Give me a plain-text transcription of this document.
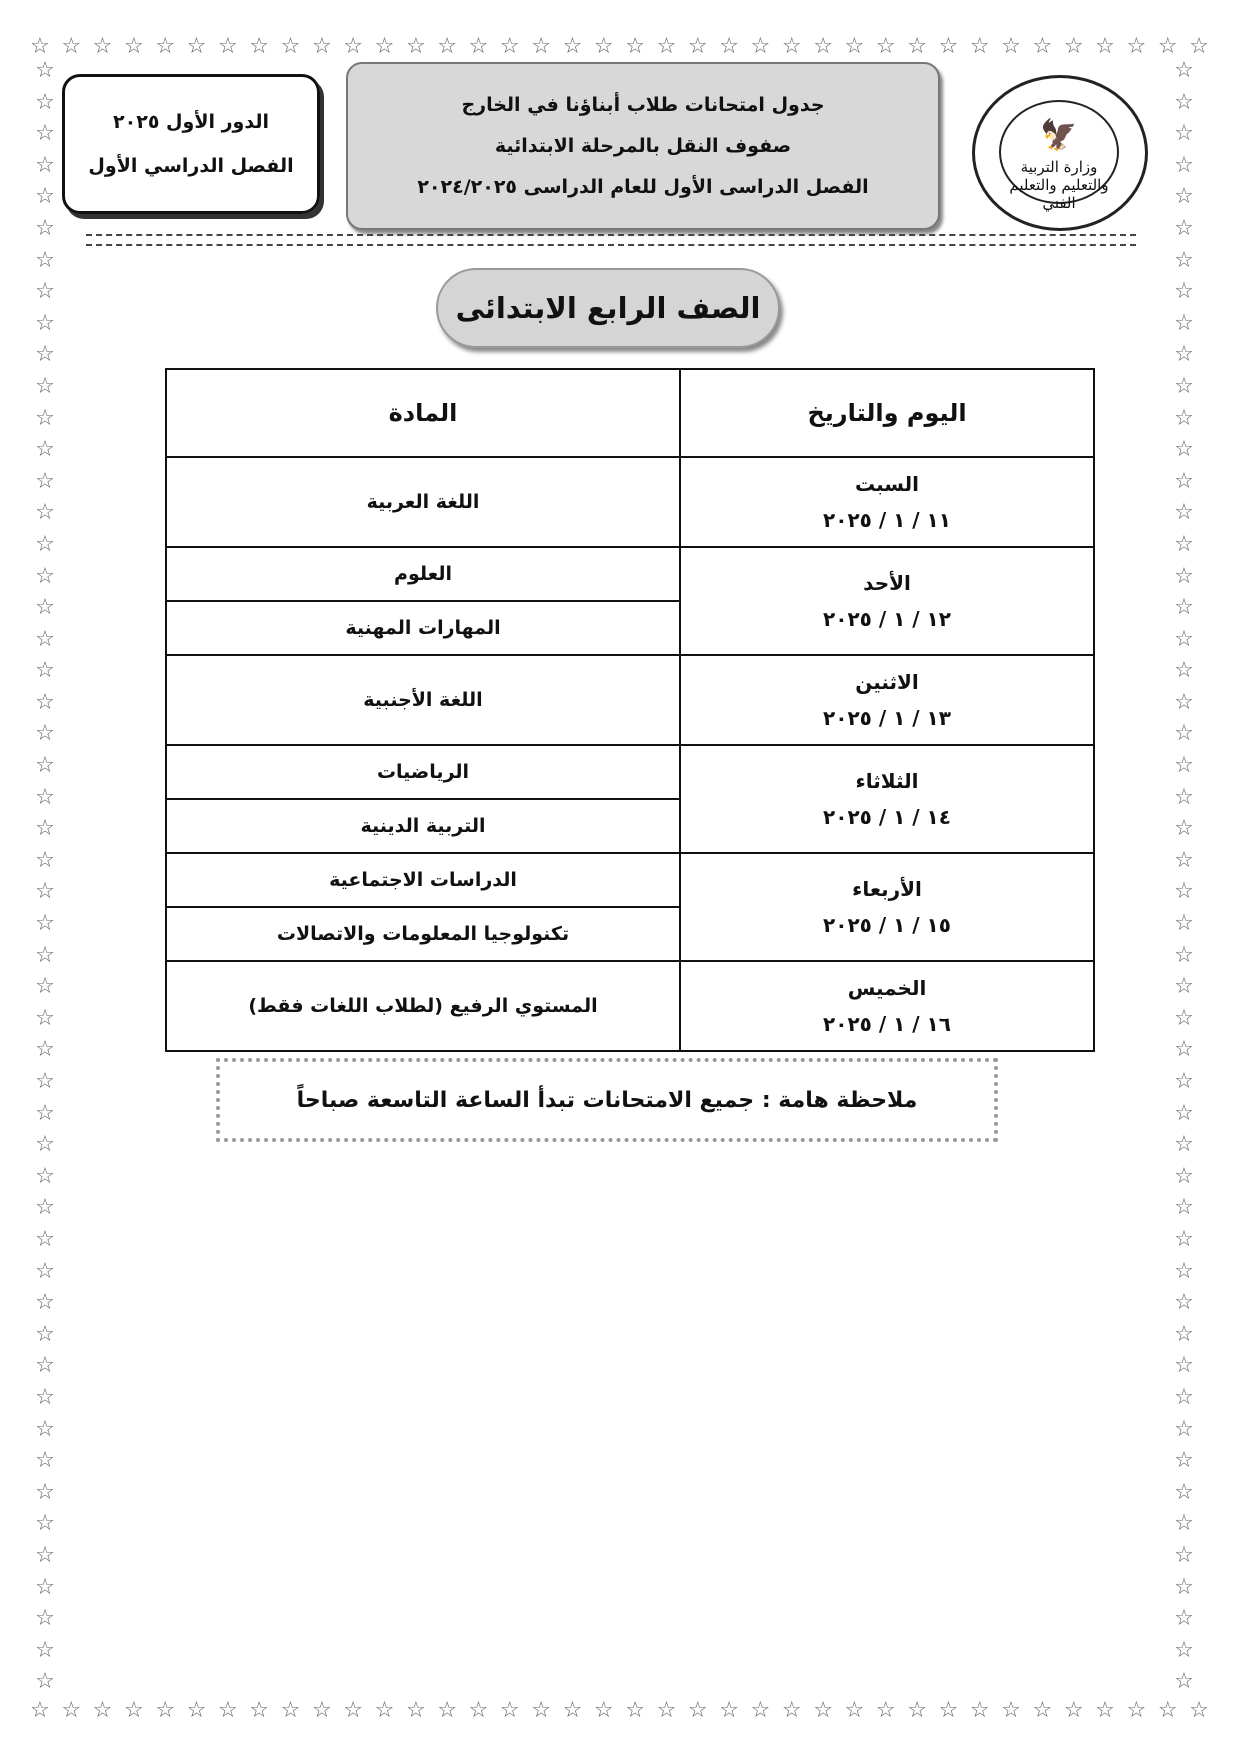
☆ ☆ ☆ ☆ ☆ ☆ ☆ ☆ ☆ ☆ ☆ ☆ ☆ ☆ ☆ ☆ ☆ ☆ ☆ ☆ ☆ ☆ ☆ ☆ ☆ ☆ ☆ ☆ ☆ ☆ ☆ ☆ ☆ ☆ ☆ ☆ ☆ ☆
☆ ☆ ☆ ☆ ☆ ☆ ☆ ☆ ☆ ☆ ☆ ☆ ☆ ☆ ☆ ☆ ☆ ☆ ☆ ☆ ☆ ☆ ☆ ☆ ☆ ☆ ☆ ☆ ☆ ☆ ☆ ☆ ☆ ☆ ☆ ☆ ☆ ☆
☆
☆
☆
☆
☆
☆
☆
☆
☆
☆
☆
☆
☆
☆
☆
☆
☆
☆
☆
☆
☆
☆
☆
☆
☆
☆
☆
☆
☆
☆
☆
☆
☆
☆
☆
☆
☆
☆
☆
☆
☆
☆
☆
☆
☆
☆
☆
☆
☆
☆
☆
☆
☆
☆
☆
☆
☆
☆
☆
☆
☆
☆
☆
☆
☆
☆
☆
☆
☆
☆
☆
☆
☆
☆
☆
☆
☆
☆
☆
☆
☆
☆
☆
☆
☆
☆
☆
☆
☆
☆
☆
☆
☆
☆
☆
☆
☆
☆
☆
☆
☆
☆
☆
☆
🦅
وزارة التربية والتعليم والتعليم الفني
جدول امتحانات طلاب أبناؤنا في الخارج
صفوف النقل بالمرحلة الابتدائية
الفصل الدراسى الأول للعام الدراسى ٢٠٢٤/٢٠٢٥
الدور الأول ٢٠٢٥
الفصل الدراسي الأول
الصف الرابع الابتدائى
اليوم والتاريخ	المادة

السبت
١١ / ١ / ٢٠٢٥	اللغة العربية

الأحد
١٢ / ١ / ٢٠٢٥	العلوم
	المهارات المهنية

الاثنين
١٣ / ١ / ٢٠٢٥	اللغة الأجنبية

الثلاثاء
١٤ / ١ / ٢٠٢٥	الرياضيات
	التربية الدينية

الأربعاء
١٥ / ١ / ٢٠٢٥	الدراسات الاجتماعية
	تكنولوجيا المعلومات والاتصالات

الخميس
١٦ / ١ / ٢٠٢٥	المستوي الرفيع (لطلاب اللغات فقط)
ملاحظة هامة : جميع الامتحانات تبدأ الساعة التاسعة صباحاً
